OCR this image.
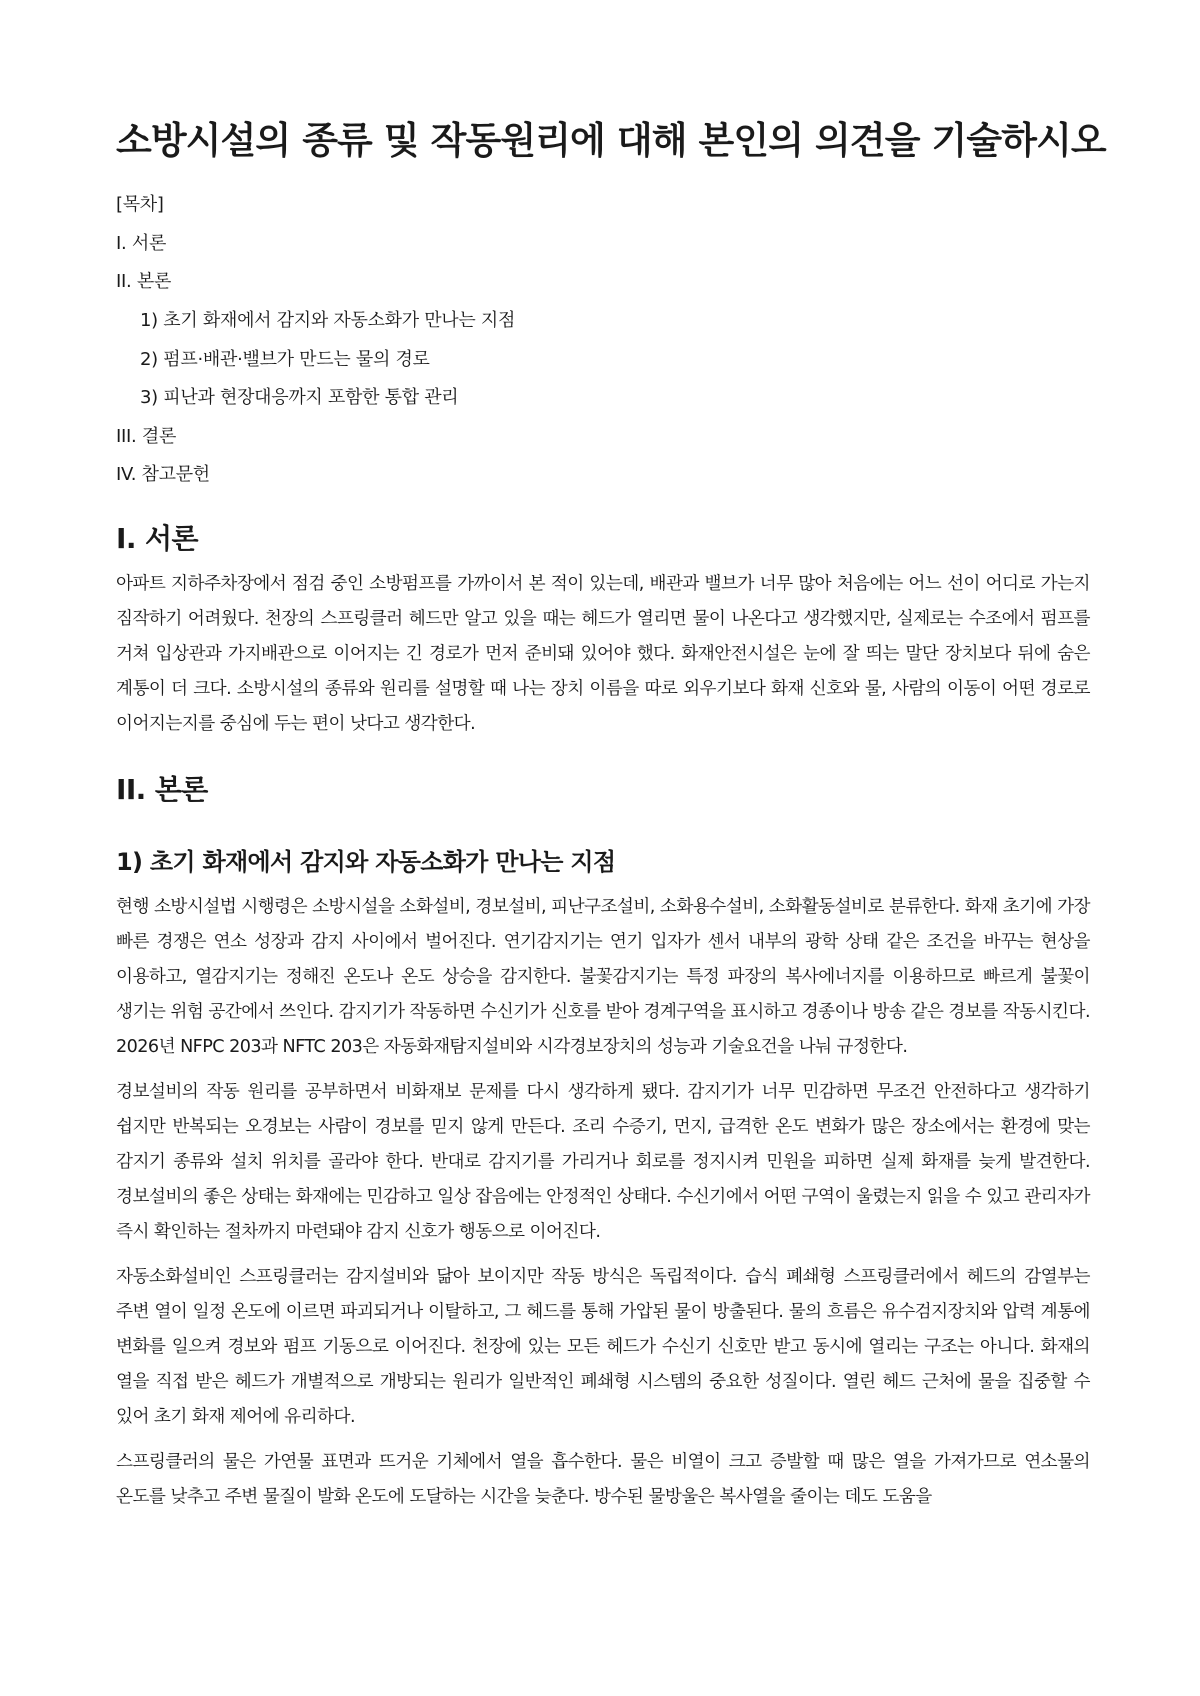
소방시설의 종류 및 작동원리에 대해 본인의 의견을 기술하시오
[목차]
I. 서론
II. 본론
1) 초기 화재에서 감지와 자동소화가 만나는 지점
2) 펌프·배관·밸브가 만드는 물의 경로
3) 피난과 현장대응까지 포함한 통합 관리
III. 결론
IV. 참고문헌
I. 서론

아파트 지하주차장에서 점검 중인 소방펌프를 가까이서 본 적이 있는데, 배관과 밸브가 너무 많아 처음에는 어느 선이 어디로 가는지 짐작하기 어려웠다. 천장의 스프링클러 헤드만 알고 있을 때는 헤드가 열리면 물이 나온다고 생각했지만, 실제로는 수조에서 펌프를 거쳐 입상관과 가지배관으로 이어지는 긴 경로가 먼저 준비돼 있어야 했다. 화재안전시설은 눈에 잘 띄는 말단 장치보다 뒤에 숨은 계통이 더 크다. 소방시설의 종류와 원리를 설명할 때 나는 장치 이름을 따로 외우기보다 화재 신호와 물, 사람의 이동이 어떤 경로로 이어지는지를 중심에 두는 편이 낫다고 생각한다.

II. 본론
1) 초기 화재에서 감지와 자동소화가 만나는 지점

현행 소방시설법 시행령은 소방시설을 소화설비, 경보설비, 피난구조설비, 소화용수설비, 소화활동설비로 분류한다. 화재 초기에 가장 빠른 경쟁은 연소 성장과 감지 사이에서 벌어진다. 연기감지기는 연기 입자가 센서 내부의 광학 상태 같은 조건을 바꾸는 현상을 이용하고, 열감지기는 정해진 온도나 온도 상승을 감지한다. 불꽃감지기는 특정 파장의 복사에너지를 이용하므로 빠르게 불꽃이 생기는 위험 공간에서 쓰인다. 감지기가 작동하면 수신기가 신호를 받아 경계구역을 표시하고 경종이나 방송 같은 경보를 작동시킨다. 2026년 NFPC 203과 NFTC 203은 자동화재탐지설비와 시각경보장치의 성능과 기술요건을 나눠 규정한다.

경보설비의 작동 원리를 공부하면서 비화재보 문제를 다시 생각하게 됐다. 감지기가 너무 민감하면 무조건 안전하다고 생각하기 쉽지만 반복되는 오경보는 사람이 경보를 믿지 않게 만든다. 조리 수증기, 먼지, 급격한 온도 변화가 많은 장소에서는 환경에 맞는 감지기 종류와 설치 위치를 골라야 한다. 반대로 감지기를 가리거나 회로를 정지시켜 민원을 피하면 실제 화재를 늦게 발견한다. 경보설비의 좋은 상태는 화재에는 민감하고 일상 잡음에는 안정적인 상태다. 수신기에서 어떤 구역이 울렸는지 읽을 수 있고 관리자가 즉시 확인하는 절차까지 마련돼야 감지 신호가 행동으로 이어진다.

자동소화설비인 스프링클러는 감지설비와 닮아 보이지만 작동 방식은 독립적이다. 습식 폐쇄형 스프링클러에서 헤드의 감열부는 주변 열이 일정 온도에 이르면 파괴되거나 이탈하고, 그 헤드를 통해 가압된 물이 방출된다. 물의 흐름은 유수검지장치와 압력 계통에 변화를 일으켜 경보와 펌프 기동으로 이어진다. 천장에 있는 모든 헤드가 수신기 신호만 받고 동시에 열리는 구조는 아니다. 화재의 열을 직접 받은 헤드가 개별적으로 개방되는 원리가 일반적인 폐쇄형 시스템의 중요한 성질이다. 열린 헤드 근처에 물을 집중할 수 있어 초기 화재 제어에 유리하다.

스프링클러의 물은 가연물 표면과 뜨거운 기체에서 열을 흡수한다. 물은 비열이 크고 증발할 때 많은 열을 가져가므로 연소물의 온도를 낮추고 주변 물질이 발화 온도에 도달하는 시간을 늦춘다. 방수된 물방울은 복사열을 줄이는 데도 도움을
